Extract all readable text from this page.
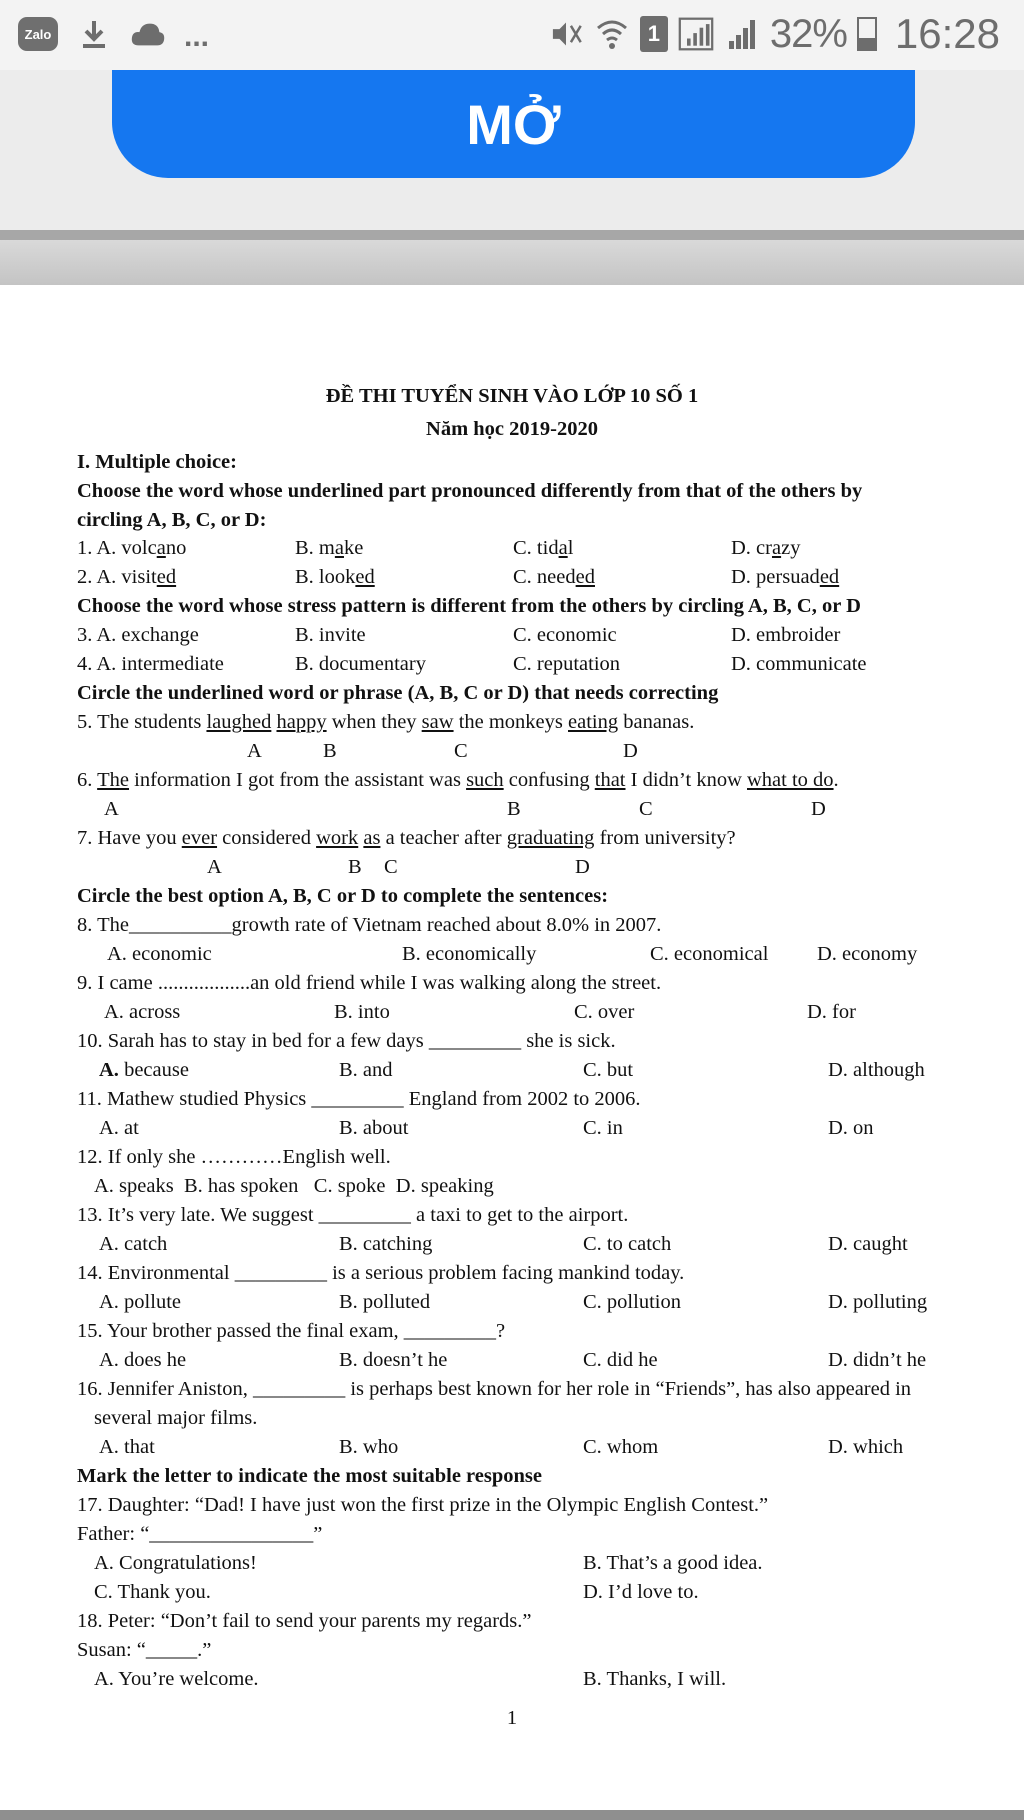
Zalo	...	1	32% 16:28
MỞ
ĐỀ THI TUYỂN SINH VÀO LỚP 10 SỐ 1
Năm học 2019-2020
I. Multiple choice:
Choose the word whose underlined part pronounced differently from that of the others by
circling A, B, C, or D:
1. A. volcano	B. make	C. tidal	D. crazy
2. A. visited	B. looked	C. needed	D. persuaded
Choose the word whose stress pattern is different from the others by circling A, B, C, or D
3. A. exchange	B. invite	C. economic	D. embroider
4. A. intermediate	B. documentary	C. reputation	D. communicate
Circle the underlined word or phrase (A, B, C or D) that needs correcting
5. The students laughed happy when they saw the monkeys eating bananas.
A	B	C	D
6. The information I got from the assistant was such confusing that I didn’t know what to do.
A	B	C	D
7. Have you ever considered work as a teacher after graduating from university?
A	B C	D
Circle the best option A, B, C or D to complete the sentences:
8. The__________growth rate of Vietnam reached about 8.0% in 2007.
A. economic	B. economically	C. economical D. economy
9. I came ..................an old friend while I was walking along the street.
A. across	B. into	C. over	D. for
10. Sarah has to stay in bed for a few days _________ she is sick.
A. because	B. and	C. but	D. although
11. Mathew studied Physics _________ England from 2002 to 2006.
A. at	B. about	C. in	D. on
12. If only she …………English well.
A. speaks  B. has spoken   C. spoke  D. speaking
13. It’s very late. We suggest _________ a taxi to get to the airport.
A. catch	B. catching	C. to catch	D. caught
14. Environmental _________ is a serious problem facing mankind today.
A. pollute	B. polluted	C. pollution	D. polluting
15. Your brother passed the final exam, _________?
A. does he	B. doesn’t he	C. did he	D. didn’t he
16. Jennifer Aniston, _________ is perhaps best known for her role in “Friends”, has also appeared in
several major films.
A. that	B. who	C. whom	D. which
Mark the letter to indicate the most suitable response
17. Daughter: “Dad! I have just won the first prize in the Olympic English Contest.”
Father: “________________”
A. Congratulations!	B. That’s a good idea.
C. Thank you.	D. I’d love to.
18. Peter: “Don’t fail to send your parents my regards.”
Susan: “_____.”
A. You’re welcome.	B. Thanks, I will.
1
